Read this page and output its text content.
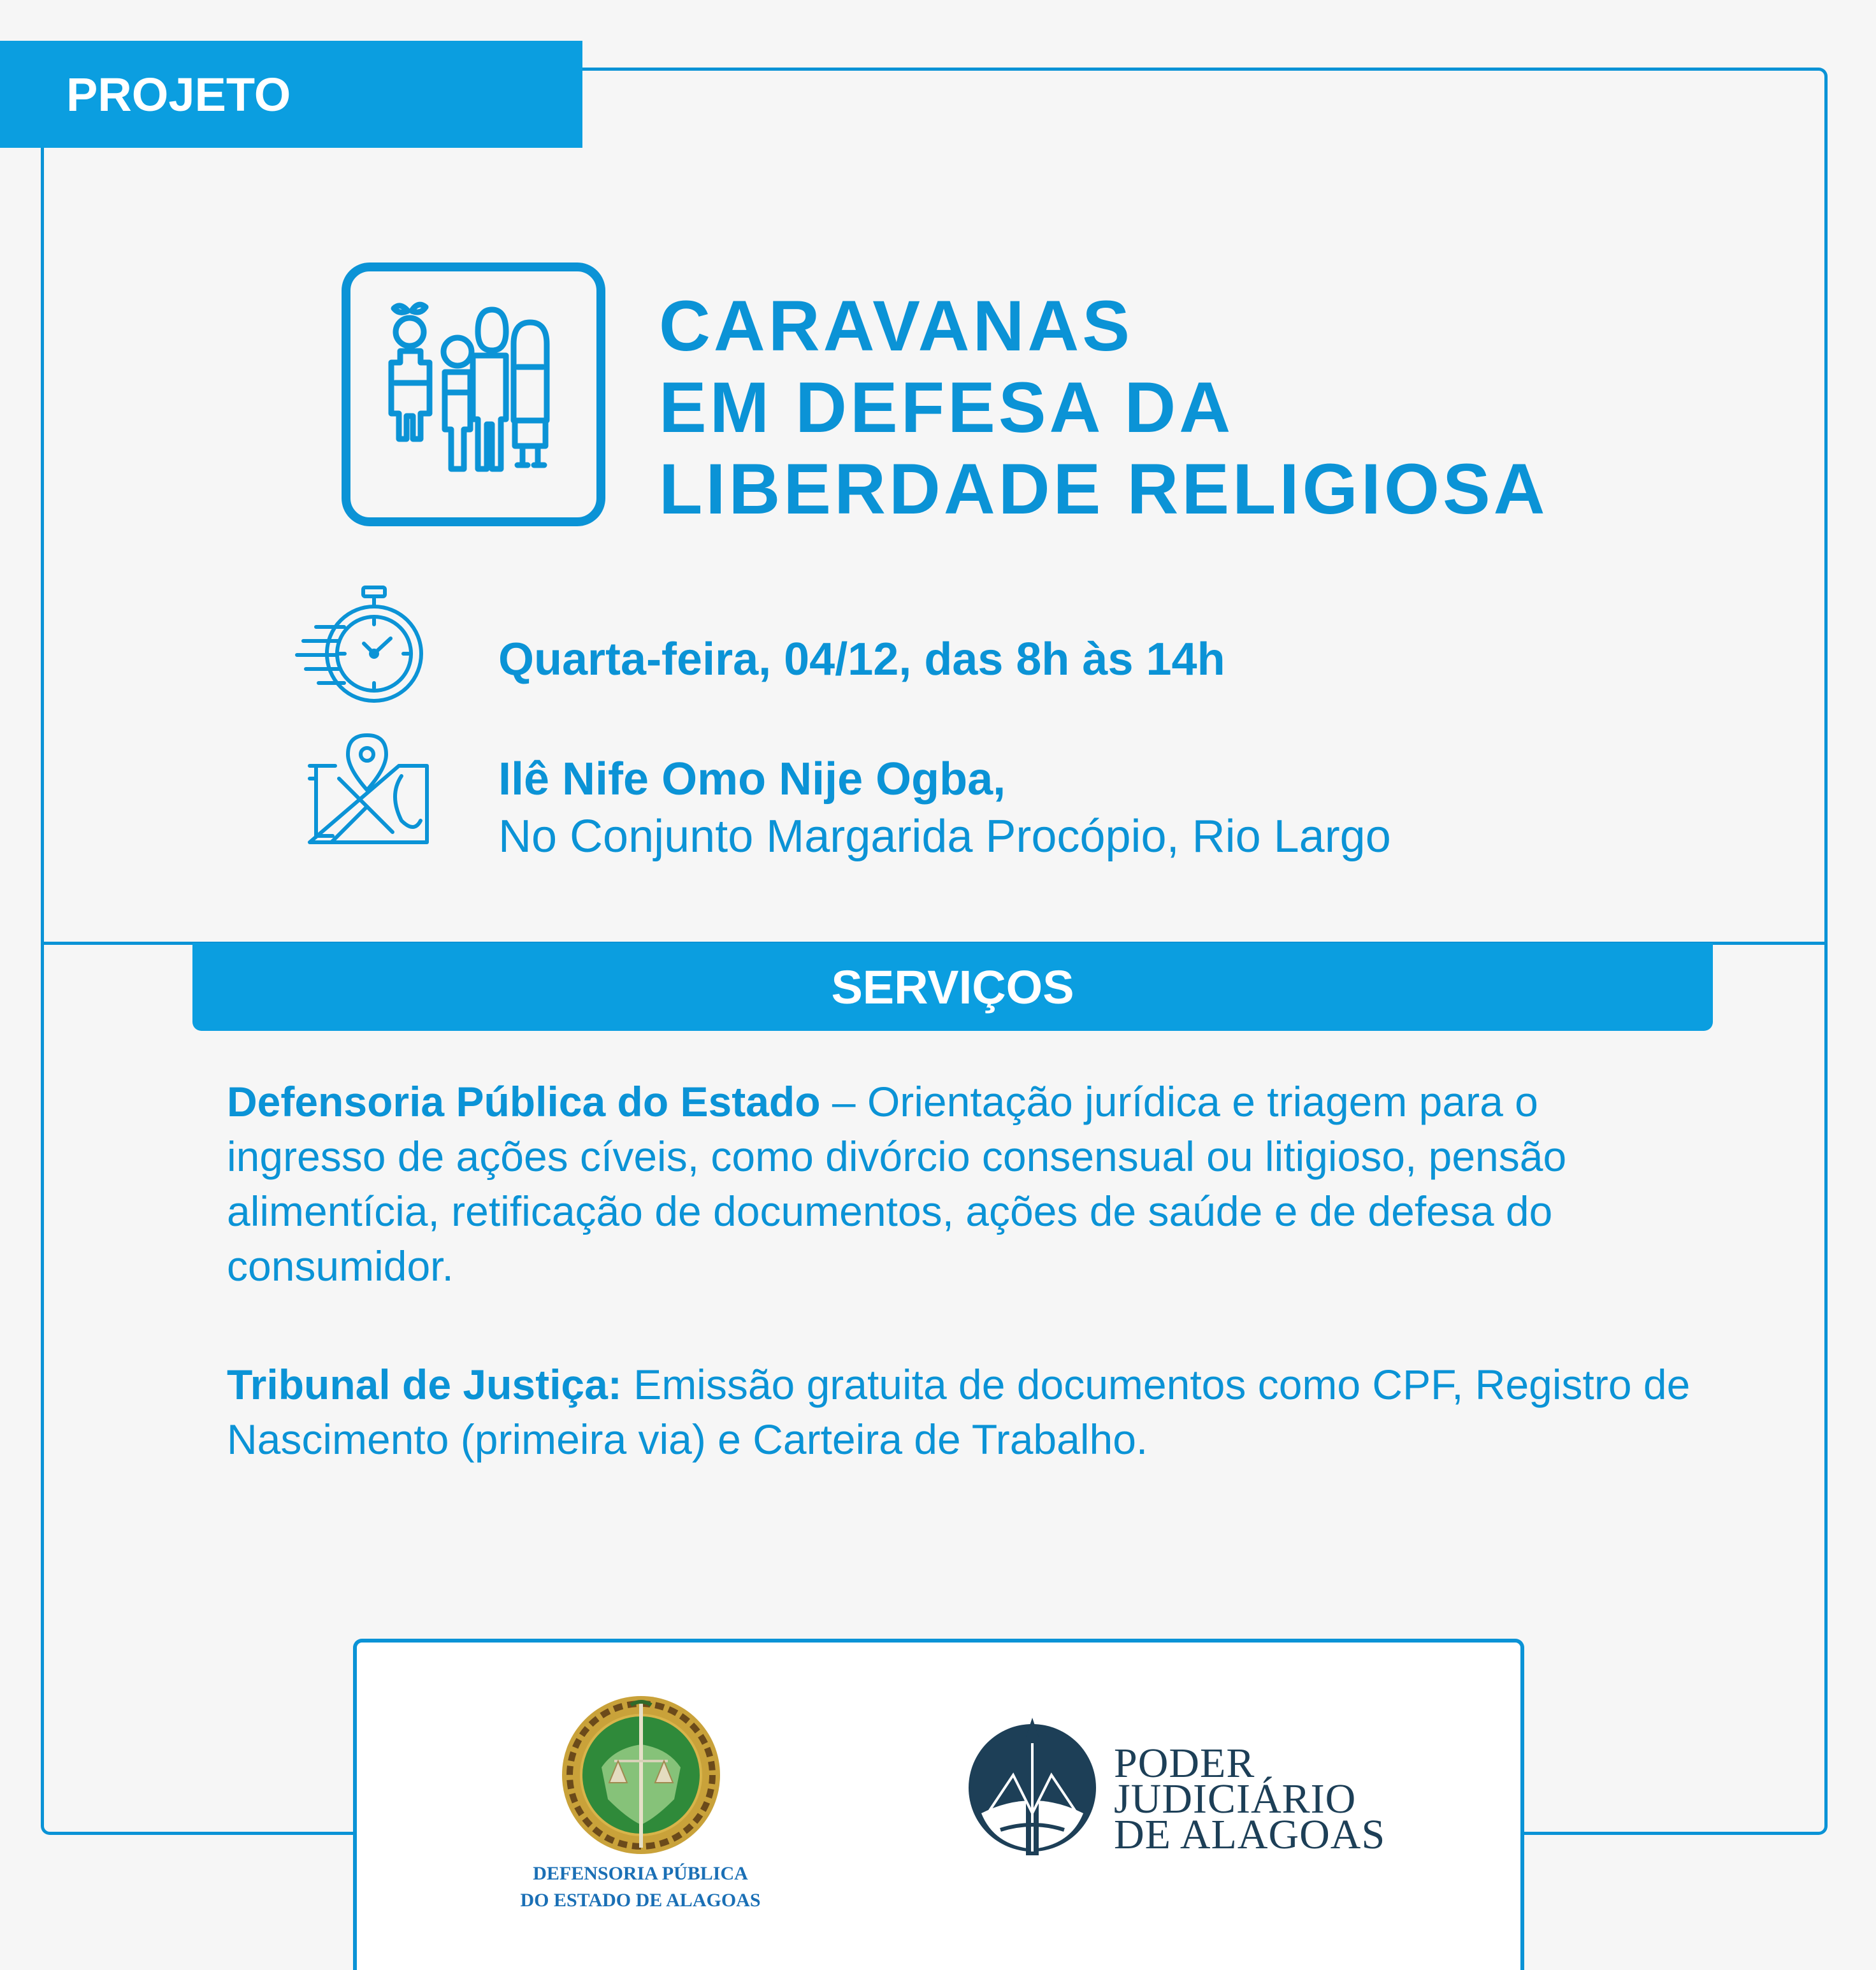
PROJETO
CARAVANAS
EM DEFESA DA
LIBERDADE RELIGIOSA
Quarta-feira, 04/12, das 8h às 14h
Ilê Nife Omo Nije Ogba,
No Conjunto Margarida Procópio, Rio Largo
SERVIÇOS
Defensoria Pública do Estado – Orientação jurídica e triagem para o ingresso de ações cíveis, como divórcio consensual ou litigioso, pensão alimentícia, retificação de documentos, ações de saúde e de defesa do consumidor.
Tribunal de Justiça: Emissão gratuita de documentos como CPF, Registro de Nascimento (primeira via) e Carteira de Trabalho.
DEFENSORIA PÚBLICA
DO ESTADO DE ALAGOAS
PODER
JUDICIÁRIO
DE ALAGOAS
